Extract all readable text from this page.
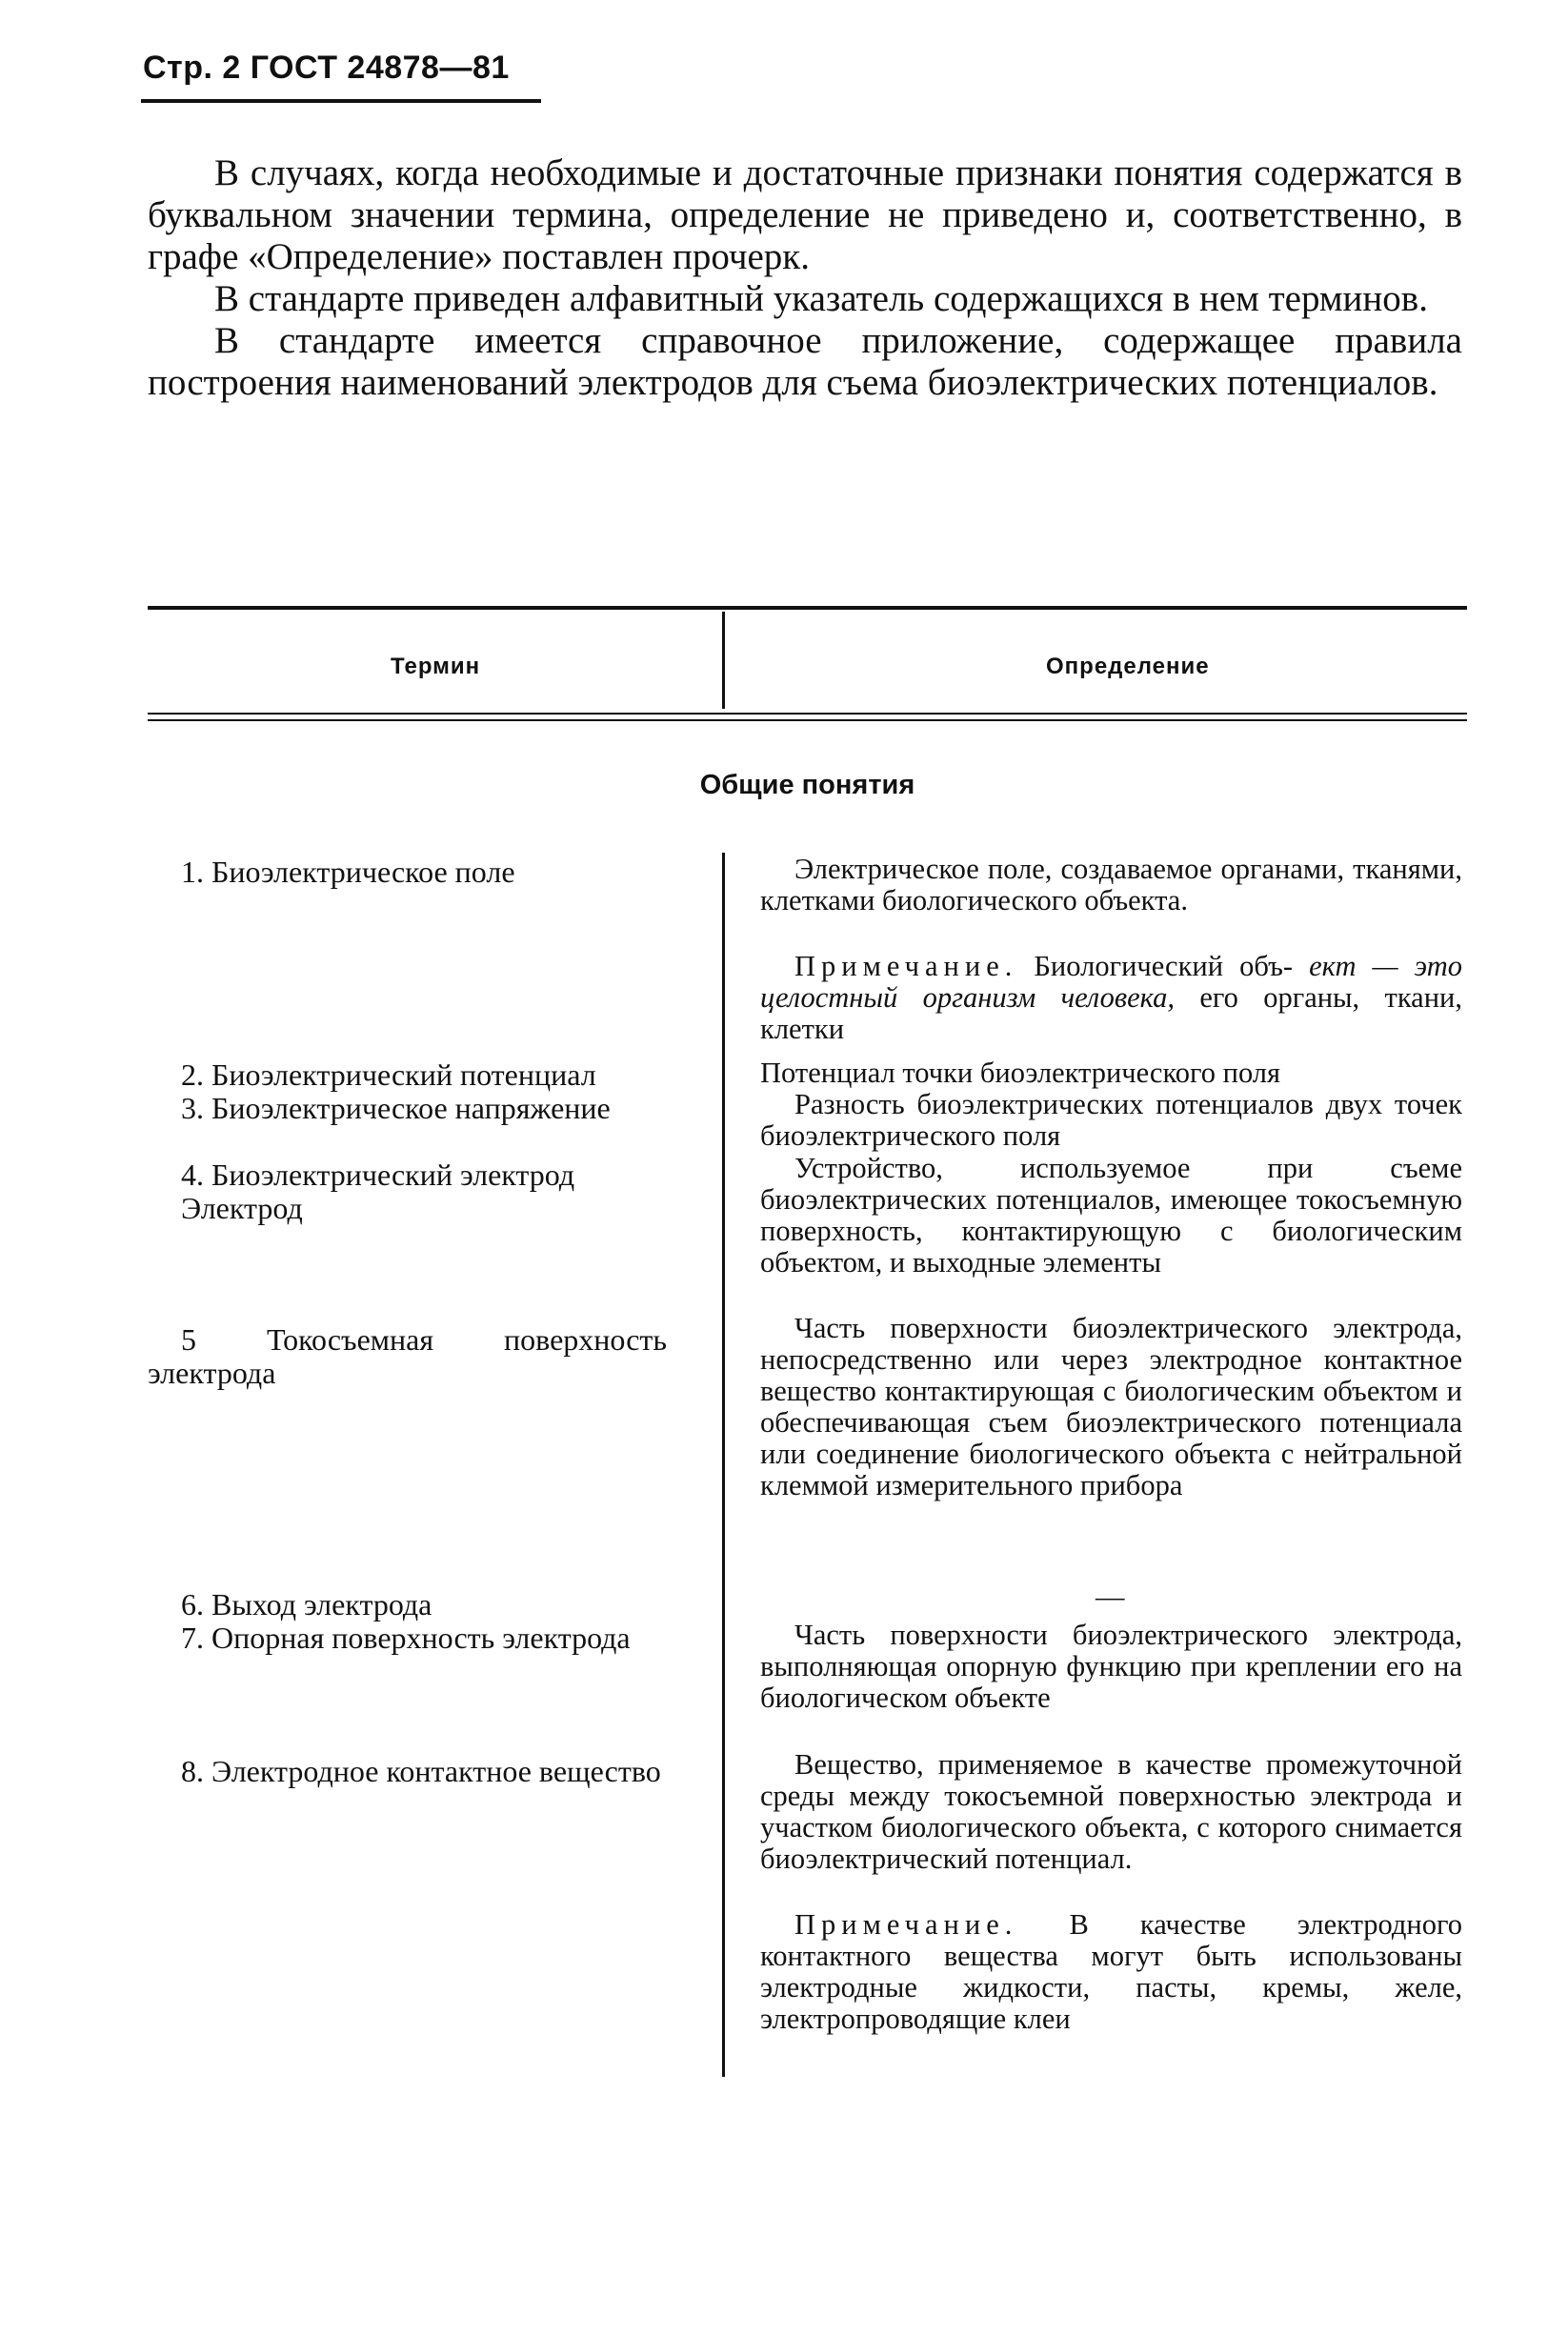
Стр. 2 ГОСТ 24878—81

В случаях, когда необходимые и достаточные признаки понятия содержатся в буквальном значении термина, определение не приведено и, соответственно, в графе «Определение» поставлен прочерк.

В стандарте приведен алфавитный указатель содержащихся в нем терминов.

В стандарте имеется справочное приложение, содержащее правила построения наименований электродов для съема биоэлектрических потенциалов.

Термин	Определение
Общие понятия
1. Биоэлектрическое поле
2. Биоэлектрический потенциал
3. Биоэлектрическое напряжение
4. Биоэлектрический электрод
Электрод
5 Токосъемная поверхность электрода
6. Выход электрода
7. Опорная поверхность электрода
8. Электродное контактное вещество
Электрическое поле, создаваемое органами, тканями, клетками биологического объекта.
Примечание. Биологический объ- ект — это целостный организм человека, его органы, ткани, клетки
Потенциал точки биоэлектрического поля
Разность биоэлектрических потенциалов двух точек биоэлектрического поля
Устройство, используемое при съеме биоэлектрических потенциалов, имеющее токосъемную поверхность, контактирующую с биологическим объектом, и выходные элементы
Часть поверхности биоэлектрического электрода, непосредственно или через электродное контактное вещество контактирующая с биологическим объектом и обеспечивающая съем биоэлектрического потенциала или соединение биологического объекта с нейтральной клеммой измерительного прибора
—
Часть поверхности биоэлектрического электрода, выполняющая опорную функцию при креплении его на биологическом объекте
Вещество, применяемое в качестве промежуточной среды между токосъемной поверхностью электрода и участком биологического объекта, с которого снимается биоэлектрический потенциал.
Примечание. В качестве электродного контактного вещества могут быть использованы электродные жидкости, пасты, кремы, желе, электропроводящие клеи
